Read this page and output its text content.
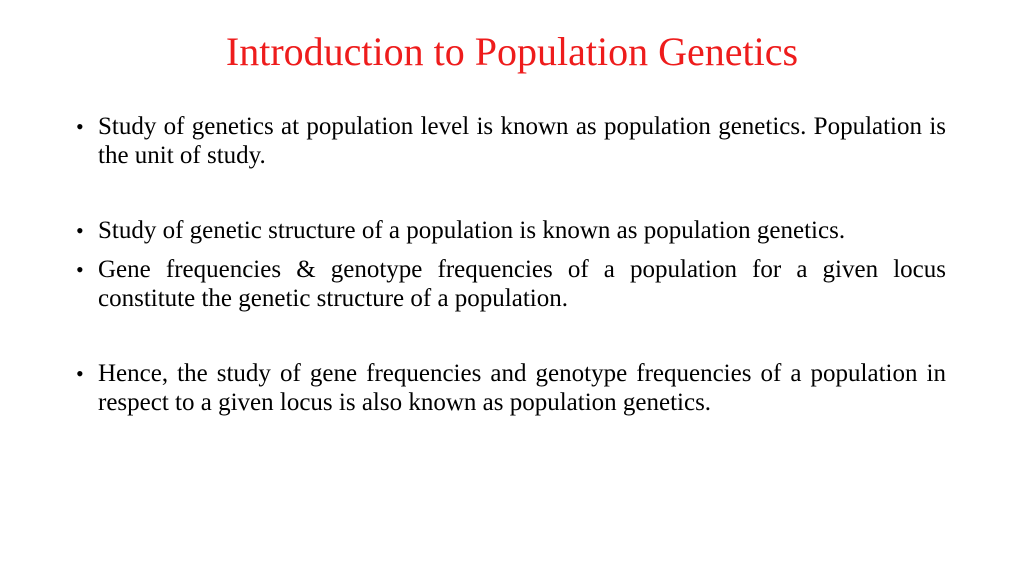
Introduction to Population Genetics
• Study of genetics at population level is known as population genetics. Population is the unit of study.
• Study of genetic structure of a population is known as population genetics.
• Gene frequencies & genotype frequencies of a population for a given locus constitute the genetic structure of a population.
• Hence, the study of gene frequencies and genotype frequencies of a population in respect to a given locus is also known as population genetics.
